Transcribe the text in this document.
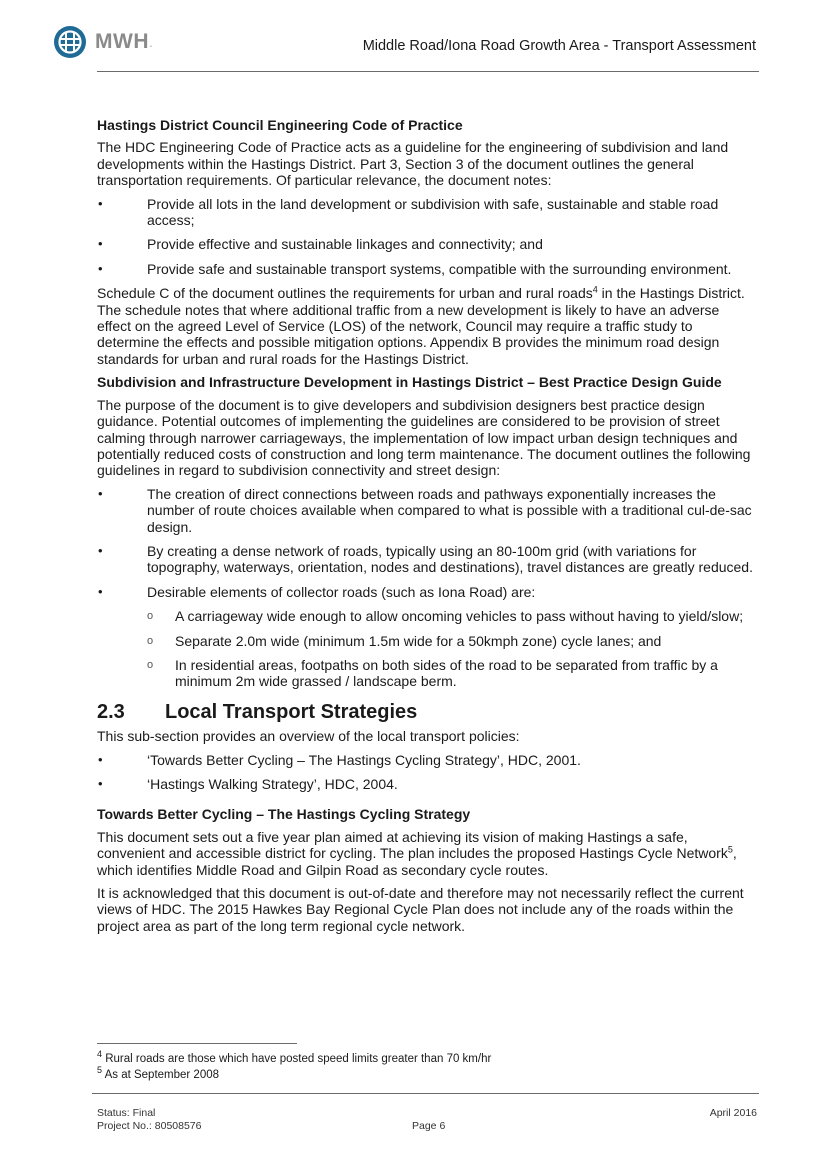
MWH .	Middle Road/Iona Road Growth Area - Transport Assessment
Hastings District Council Engineering Code of Practice

The HDC Engineering Code of Practice acts as a guideline for the engineering of subdivision and land developments within the Hastings District. Part 3, Section 3 of the document outlines the general transportation requirements. Of particular relevance, the document notes:

• Provide all lots in the land development or subdivision with safe, sustainable and stable road access;
• Provide effective and sustainable linkages and connectivity; and
• Provide safe and sustainable transport systems, compatible with the surrounding environment.

Schedule C of the document outlines the requirements for urban and rural roads$^4$ in the Hastings District. The schedule notes that where additional traffic from a new development is likely to have an adverse effect on the agreed Level of Service (LOS) of the network, Council may require a traffic study to determine the effects and possible mitigation options. Appendix B provides the minimum road design standards for urban and rural roads for the Hastings District.

Subdivision and Infrastructure Development in Hastings District – Best Practice Design Guide

The purpose of the document is to give developers and subdivision designers best practice design guidance. Potential outcomes of implementing the guidelines are considered to be provision of street calming through narrower carriageways, the implementation of low impact urban design techniques and potentially reduced costs of construction and long term maintenance. The document outlines the following guidelines in regard to subdivision connectivity and street design:

• The creation of direct connections between roads and pathways exponentially increases the number of route choices available when compared to what is possible with a traditional cul-de-sac design.
• By creating a dense network of roads, typically using an 80-100m grid (with variations for topography, waterways, orientation, nodes and destinations), travel distances are greatly reduced.
• Desirable elements of collector roads (such as Iona Road) are:
o A carriageway wide enough to allow oncoming vehicles to pass without having to yield/slow;
o Separate 2.0m wide (minimum 1.5m wide for a 50kmph zone) cycle lanes; and
o In residential areas, footpaths on both sides of the road to be separated from traffic by a minimum 2m wide grassed / landscape berm.
2.3	Local Transport Strategies

This sub-section provides an overview of the local transport policies:

• ‘Towards Better Cycling – The Hastings Cycling Strategy’, HDC, 2001.
• ‘Hastings Walking Strategy’, HDC, 2004.
Towards Better Cycling – The Hastings Cycling Strategy

This document sets out a five year plan aimed at achieving its vision of making Hastings a safe, convenient and accessible district for cycling. The plan includes the proposed Hastings Cycle Network$^5$, which identifies Middle Road and Gilpin Road as secondary cycle routes.

It is acknowledged that this document is out-of-date and therefore may not necessarily reflect the current views of HDC. The 2015 Hawkes Bay Regional Cycle Plan does not include any of the roads within the project area as part of the long term regional cycle network.

$^4$ Rural roads are those which have posted speed limits greater than 70 km/hr
$^5$ As at September 2008
Status: Final
Project No.: 80508576	Page 6
April 2016
